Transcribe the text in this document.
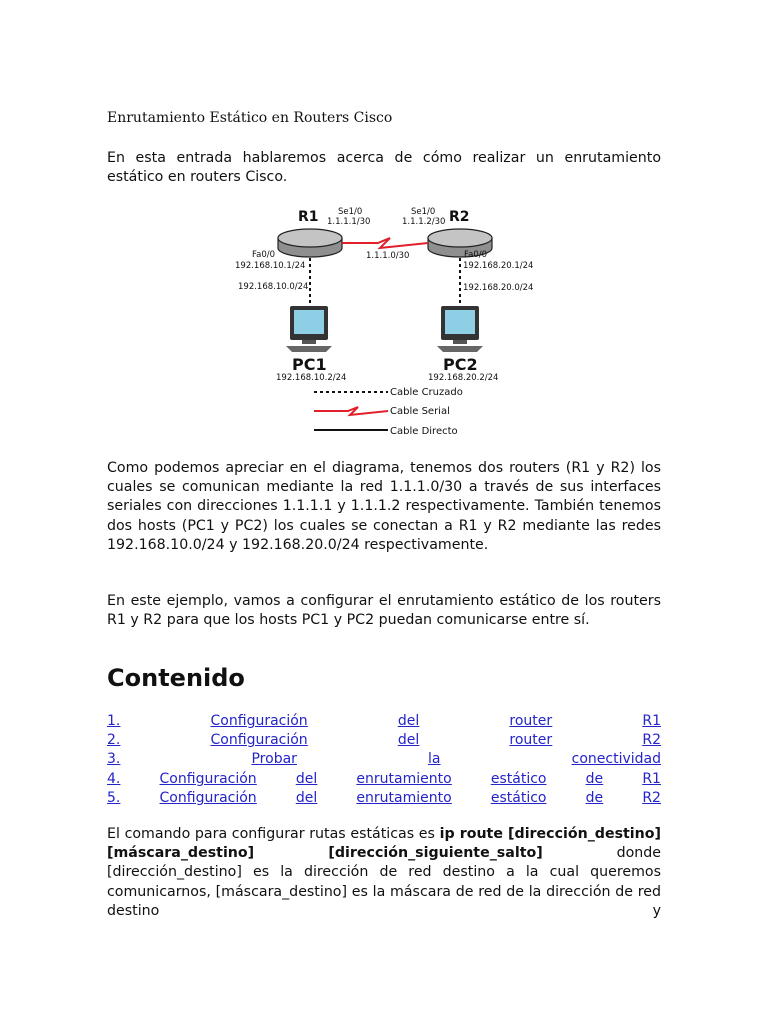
Enrutamiento Estático en Routers Cisco

En esta entrada hablaremos acerca de cómo realizar un enrutamiento estático en routers Cisco.

Como podemos apreciar en el diagrama, tenemos dos routers (R1 y R2) los cuales se comunican mediante la red 1.1.1.0/30 a través de sus interfaces seriales con direcciones 1.1.1.1 y 1.1.1.2 respectivamente. También tenemos dos hosts (PC1 y PC2) los cuales se conectan a R1 y R2 mediante las redes 192.168.10.0/24 y 192.168.20.0/24 respectivamente.

En este ejemplo, vamos a configurar el enrutamiento estático de los routers R1 y R2 para que los hosts PC1 y PC2 puedan comunicarse entre sí.

Contenido
1.	Configuración	del	router	R1
2.	Configuración	del	router	R2
3.	Probar	la	conectividad
4.	Configuración	del	enrutamiento	estático	de	R1
5.	Configuración	del	enrutamiento	estático	de	R2

El comando para configurar rutas estáticas es ip route [dirección_destino] [máscara_destino] [dirección_siguiente_salto] donde [dirección_destino] es la dirección de red destino a la cual queremos comunicarnos, [máscara_destino] es la máscara de red de la dirección de red destino y

R1 Se1/0
1.1.1.1/30	R2
Se1/0
1.1.1.2/30
1.1.1.0/30
Fa0/0
192.168.10.1/24
192.168.10.0/24
Fa0/0
192.168.20.1/24
192.168.20.0/24
PC1
192.168.10.2/24
PC2
192.168.20.2/24
Cable Cruzado
Cable Serial
Cable Directo
